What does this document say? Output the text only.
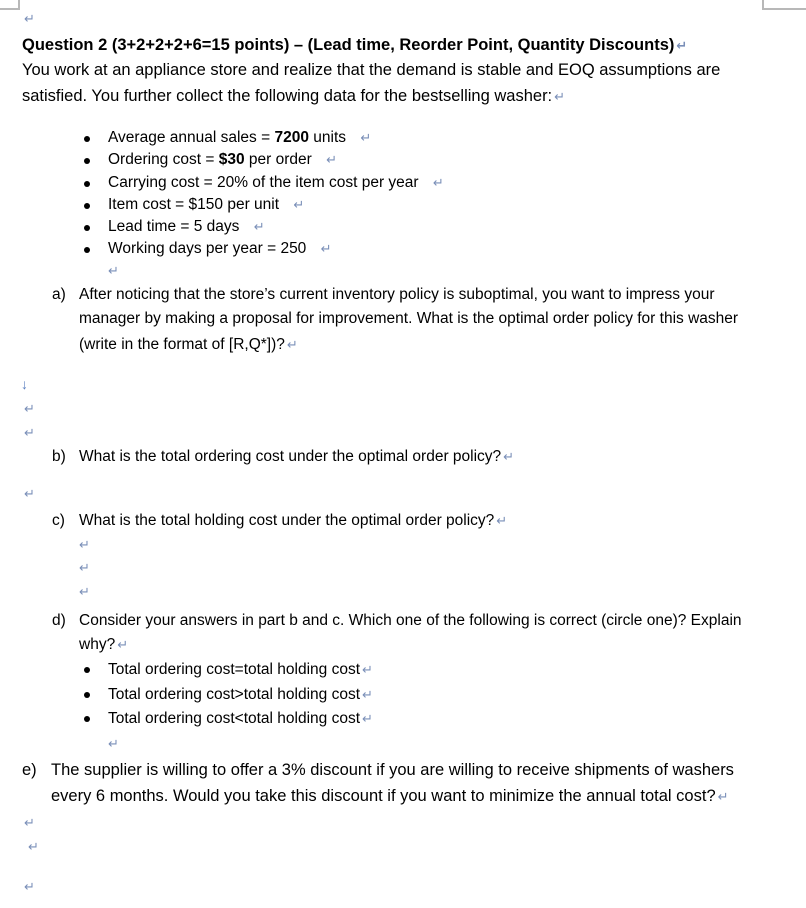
↵
Question 2 (3+2+2+2+6=15 points) – (Lead time, Reorder Point, Quantity Discounts) ↵
You work at an appliance store and realize that the demand is stable and EOQ assumptions are
satisfied. You further collect the following data for the bestselling washer: ↵
Average annual sales = 7200 units ↵
Ordering cost = $30 per order ↵
Carrying cost = 20% of the item cost per year ↵
Item cost = $150 per unit ↵
Lead time = 5 days ↵
Working days per year = 250 ↵
↵
a) After noticing that the store’s current inventory policy is suboptimal, you want to impress your
manager by making a proposal for improvement. What is the optimal order policy for this washer
(write in the format of [R,Q*])? ↵
↓
↵
↵
b) What is the total ordering cost under the optimal order policy? ↵
↵
c) What is the total holding cost under the optimal order policy? ↵
↵
↵
↵
d) Consider your answers in part b and c. Which one of the following is correct (circle one)? Explain
why? ↵
Total ordering cost=total holding cost ↵
Total ordering cost>total holding cost ↵
Total ordering cost<total holding cost ↵
↵
e) The supplier is willing to offer a 3% discount if you are willing to receive shipments of washers
every 6 months. Would you take this discount if you want to minimize the annual total cost? ↵
↵
↵
↵
